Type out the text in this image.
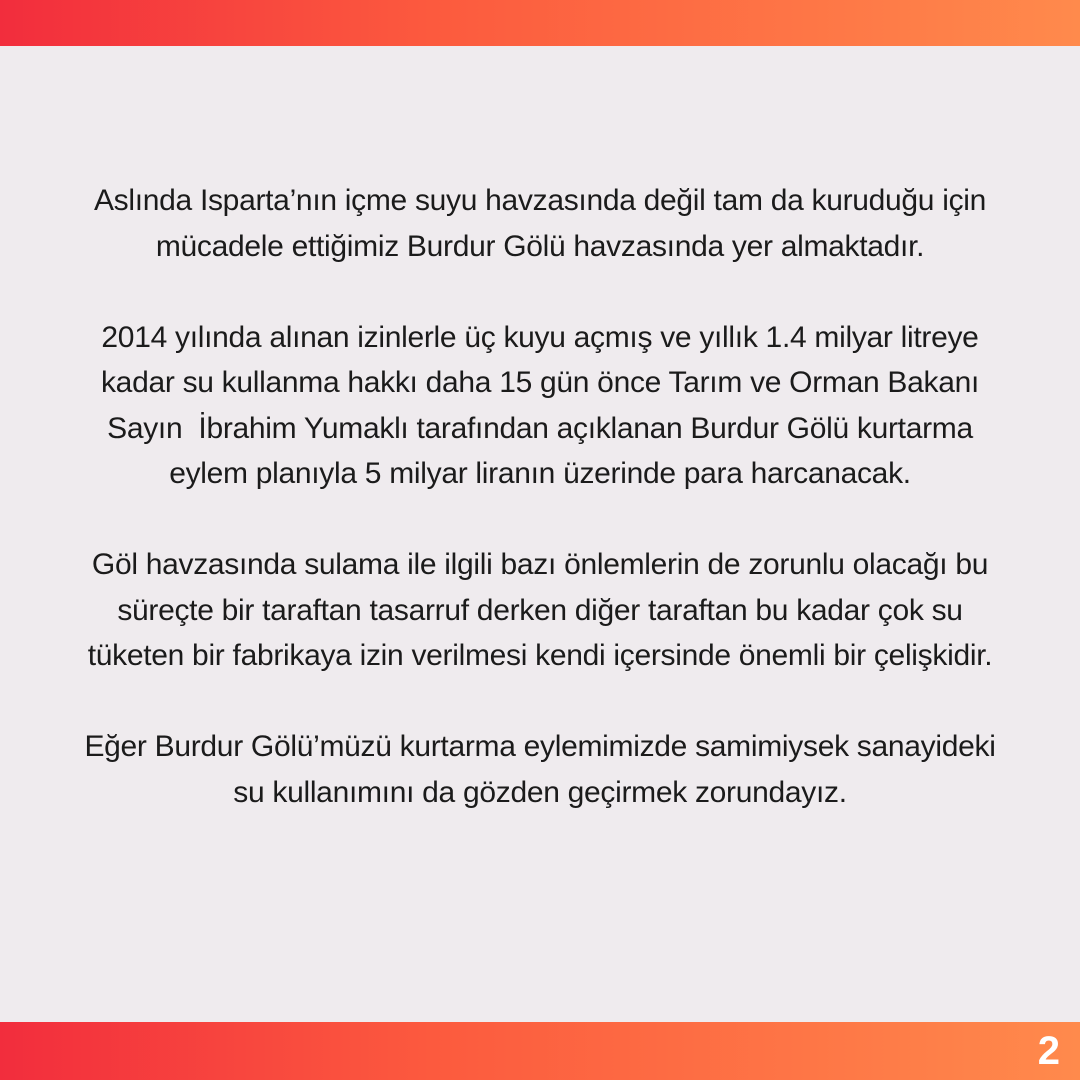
Aslında Isparta’nın içme suyu havzasında değil tam da kuruduğu için
mücadele ettiğimiz Burdur Gölü havzasında yer almaktadır.

2014 yılında alınan izinlerle üç kuyu açmış ve yıllık 1.4 milyar litreye
kadar su kullanma hakkı daha 15 gün önce Tarım ve Orman Bakanı
Sayın  İbrahim Yumaklı tarafından açıklanan Burdur Gölü kurtarma
eylem planıyla 5 milyar liranın üzerinde para harcanacak.

Göl havzasında sulama ile ilgili bazı önlemlerin de zorunlu olacağı bu
süreçte bir taraftan tasarruf derken diğer taraftan bu kadar çok su
tüketen bir fabrikaya izin verilmesi kendi içersinde önemli bir çelişkidir.

Eğer Burdur Gölü’müzü kurtarma eylemimizde samimiysek sanayideki
su kullanımını da gözden geçirmek zorundayız.

2
